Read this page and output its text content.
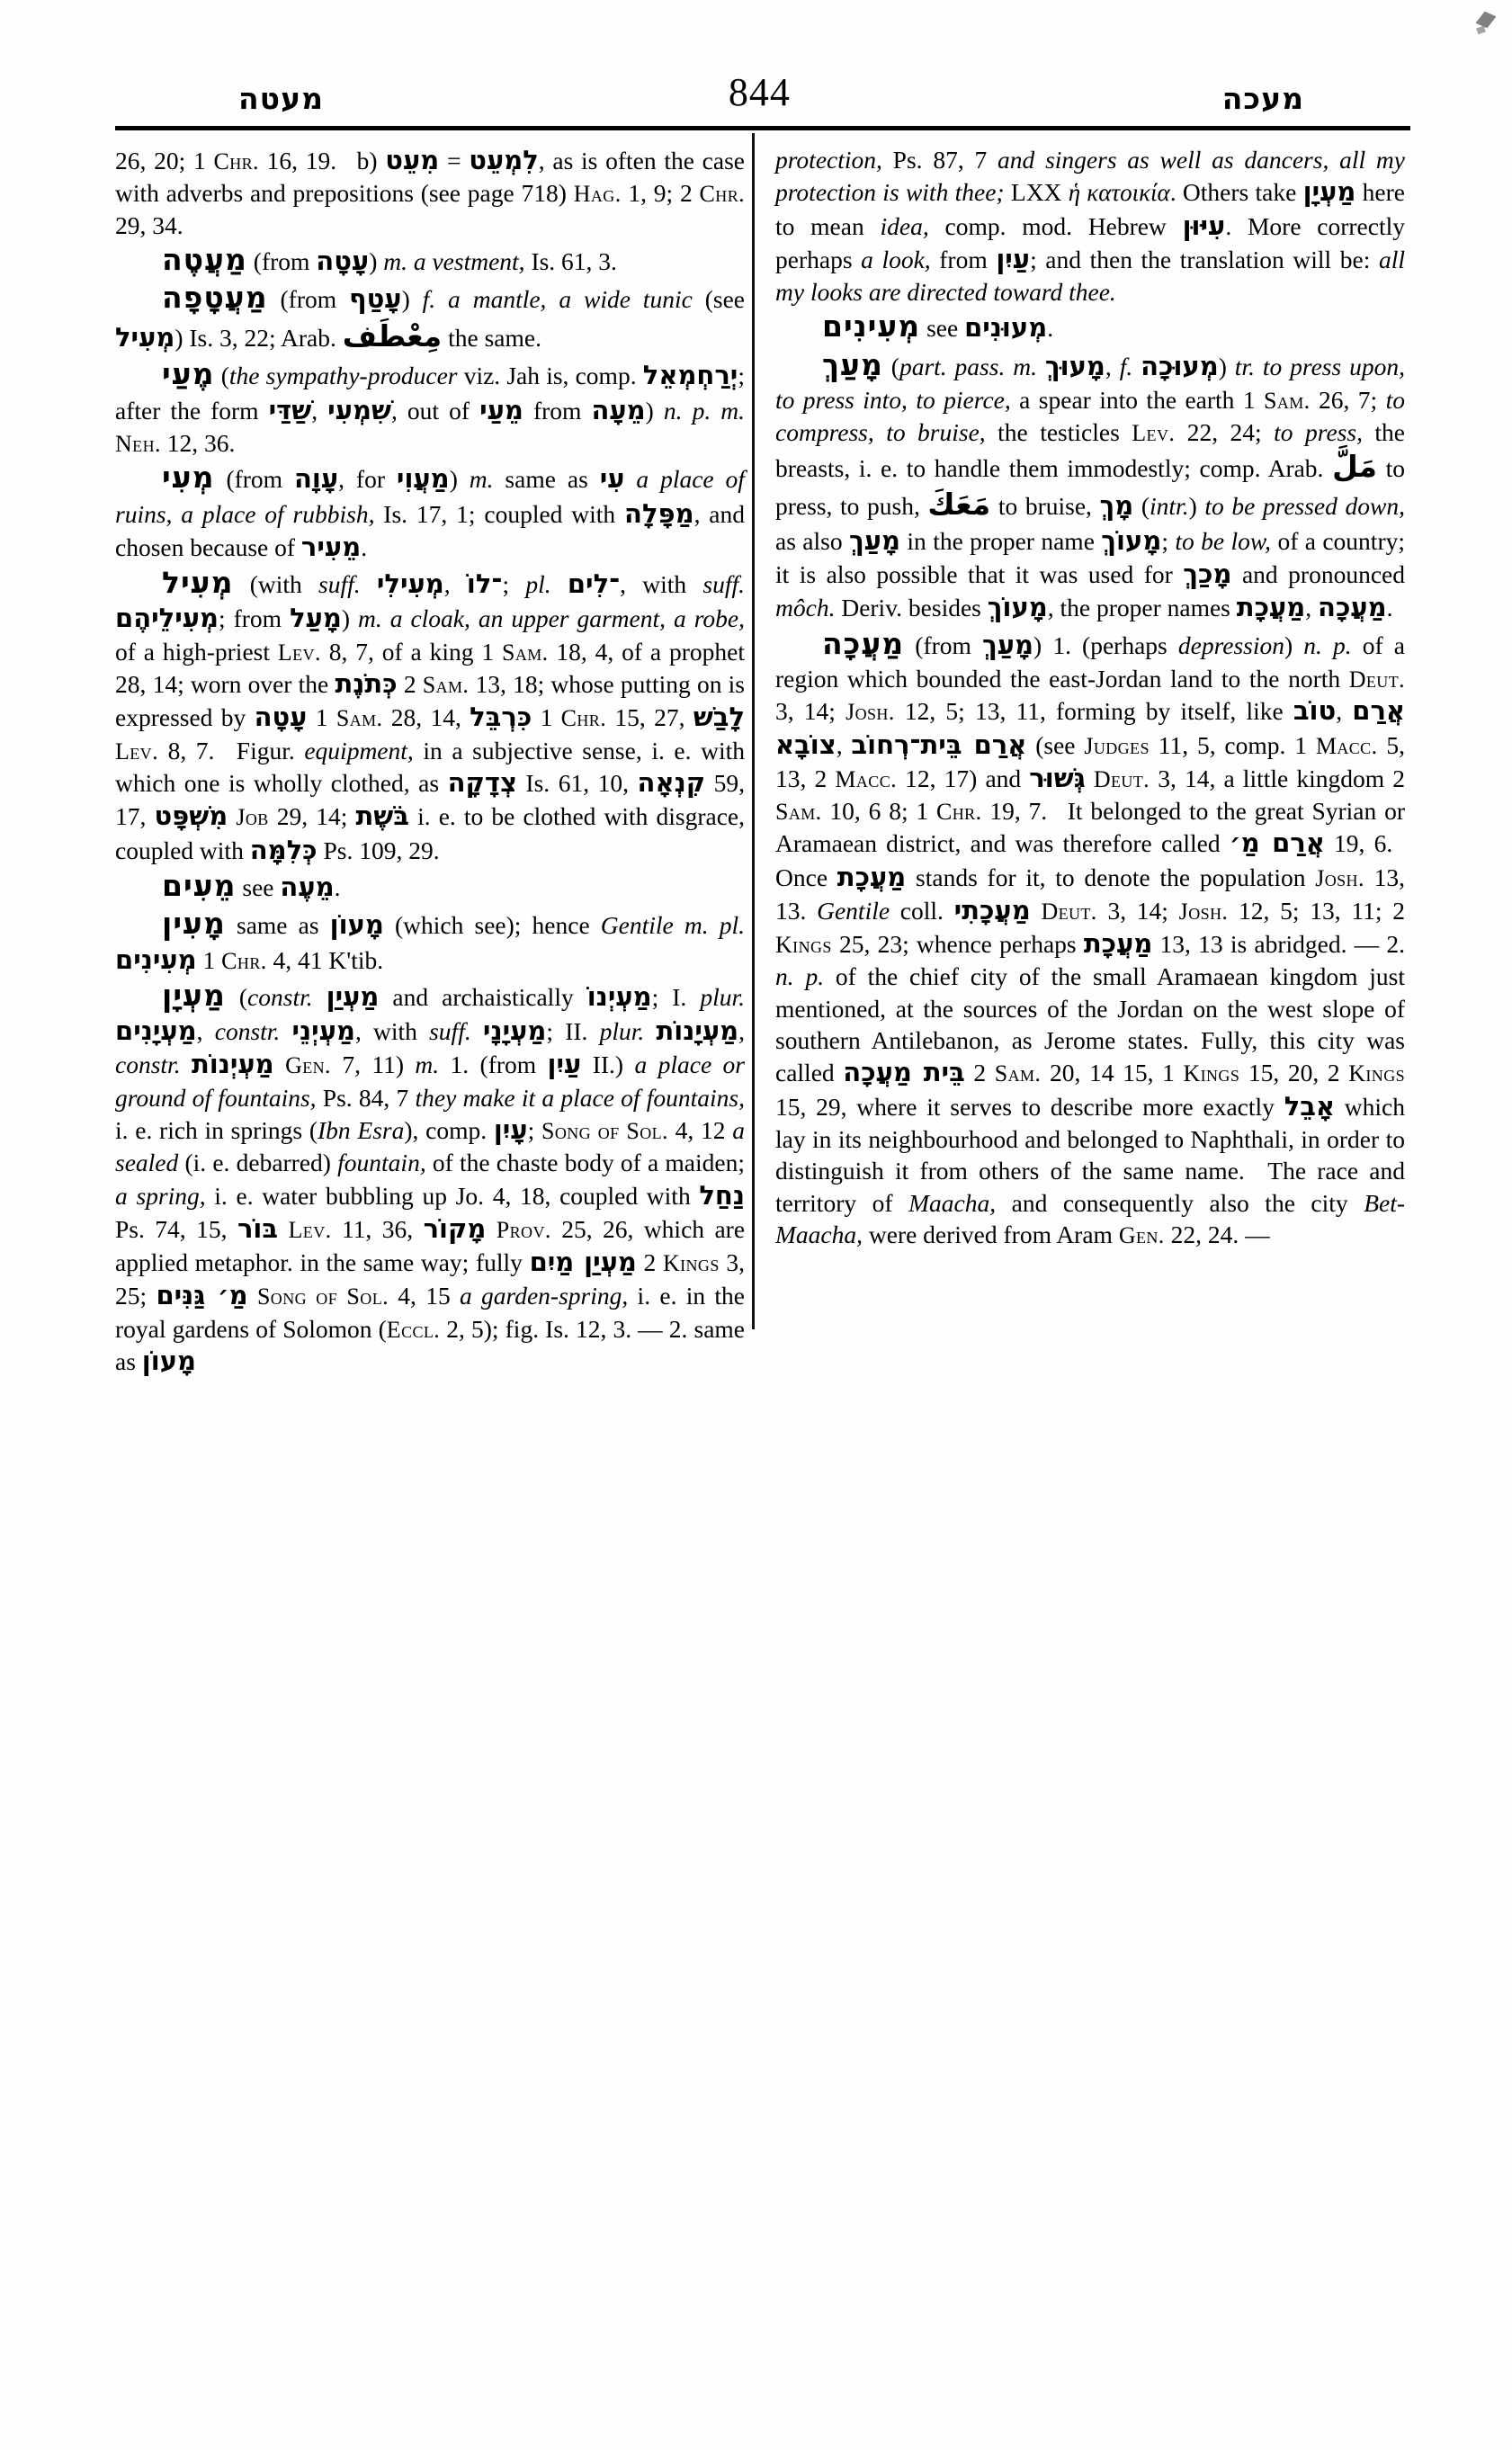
מעטה	844	מעכה

26, 20; 1 Chr. 16, 19.  b) מִעֵט = לִמְעֵט, as is often the case with adverbs and prepositions (see page 718) Hag. 1, 9; 2 Chr. 29, 34.

מַעֲטֶה (from עָטָה) m. a vestment, Is. 61, 3.

מַעֲטָפָה (from עָטַף) f. a mantle, a wide tunic (see מְעִיל) Is. 3, 22; Arab. مِعْطَف the same.

מֶעַי (the sympathy-producer viz. Jah is, comp. יְרַחְמְאֵל; after the form שַׁדַּי, שִׁמְעִי, out of מֵעַי from מֵעָה) n. p. m. Neh. 12, 36.

מְעִי (from עָוָה, for מַעֲוִי) m. same as עִי a place of ruins, a place of rubbish, Is. 17, 1; coupled with מַפָּלָה, and chosen because of מֵעִיר.

מְעִיל (with suff. מְעִילִי, ־לוֹ; pl. ־לִים, with suff. מְעִילֵיהֶם; from מָעַל) m. a cloak, an upper garment, a robe, of a high-priest Lev. 8, 7, of a king 1 Sam. 18, 4, of a prophet 28, 14; worn over the כְּתֹנֶת 2 Sam. 13, 18; whose putting on is expressed by עָטָה 1 Sam. 28, 14, כִּרְבֵּל 1 Chr. 15, 27, לָבַשׁ Lev. 8, 7.  Figur. equipment, in a subjective sense, i. e. with which one is wholly clothed, as צְדָקָה Is. 61, 10, קִנְאָה 59, 17, מִשְׁפָּט Job 29, 14; בֹּשֶׁת i. e. to be clothed with disgrace, coupled with כְּלִמָּה Ps. 109, 29.

מֵעִים see מֵעֶה.

מָעִין same as מָעוֹן (which see); hence Gentile m. pl. מְעִינִים 1 Chr. 4, 41 K'tib.

מַעְיָן (constr. מַעְיַן and archaistically מַעְיְנוֹ; I. plur. מַעְיָנִים, constr. מַעְיְנֵי, with suff. מַעְיָנָי; II. plur. מַעְיָנוֹת, constr. מַעְיְנוֹת Gen. 7, 11) m. 1. (from עַיִן II.) a place or ground of fountains, Ps. 84, 7 they make it a place of fountains, i. e. rich in springs (Ibn Esra), comp. עָיִן; Song of Sol. 4, 12 a sealed (i. e. debarred) fountain, of the chaste body of a maiden; a spring, i. e. water bubbling up Jo. 4, 18, coupled with נַחַל Ps. 74, 15, בּוֹר Lev. 11, 36, מָקוֹר Prov. 25, 26, which are applied metaphor. in the same way; fully מַעְיַן מַיִם 2 Kings 3, 25; מַ׳ גַּנִּים Song of Sol. 4, 15 a garden-spring, i. e. in the royal gardens of Solomon (Eccl. 2, 5); fig. Is. 12, 3. — 2. same as מָעוֹן

protection, Ps. 87, 7 and singers as well as dancers, all my protection is with thee; LXX ἡ κατοικία. Others take מַעְיָן here to mean idea, comp. mod. Hebrew עִיּוּן. More correctly perhaps a look, from עַיִן; and then the translation will be: all my looks are directed toward thee.

מְעִינִים see מְעוּנִים.

מָעַךְ (part. pass. m. מָעוּךְ, f. מְעוּכָה) tr. to press upon, to press into, to pierce, a spear into the earth 1 Sam. 26, 7; to compress, to bruise, the testicles Lev. 22, 24; to press, the breasts, i. e. to handle them immodestly; comp. Arab. مَلَّ to press, to push, مَعَكَ to bruise, מָךְ (intr.) to be pressed down, as also מָעַךְ in the proper name מָעוֹךְ; to be low, of a country; it is also possible that it was used for מָכַךְ and pronounced môch. Deriv. besides מָעוֹךְ, the proper names מַעֲכָת, מַעֲכָה.

מַעֲכָה (from מָעַךְ) 1. (perhaps depression) n. p. of a region which bounded the east-Jordan land to the north Deut. 3, 14; Josh. 12, 5; 13, 11, forming by itself, like טוֹב, אֲרַם צוֹבָא, אֲרַם בֵּית־רְחוֹב (see Judges 11, 5, comp. 1 Macc. 5, 13, 2 Macc. 12, 17) and גְּשׁוּר Deut. 3, 14, a little kingdom 2 Sam. 10, 6 8; 1 Chr. 19, 7.  It belonged to the great Syrian or Aramaean district, and was therefore called אֲרַם מַ׳ 19, 6.  Once מַעֲכָת stands for it, to denote the population Josh. 13, 13. Gentile coll. מַעֲכָתִי Deut. 3, 14; Josh. 12, 5; 13, 11; 2 Kings 25, 23; whence perhaps מַעֲכָת 13, 13 is abridged. — 2. n. p. of the chief city of the small Aramaean kingdom just mentioned, at the sources of the Jordan on the west slope of southern Antilebanon, as Jerome states. Fully, this city was called בֵּית מַעֲכָה 2 Sam. 20, 14 15, 1 Kings 15, 20, 2 Kings 15, 29, where it serves to describe more exactly אָבֵל which lay in its neighbourhood and belonged to Naphthali, in order to distinguish it from others of the same name.  The race and territory of Maacha, and consequently also the city Bet-Maacha, were derived from Aram Gen. 22, 24. —
